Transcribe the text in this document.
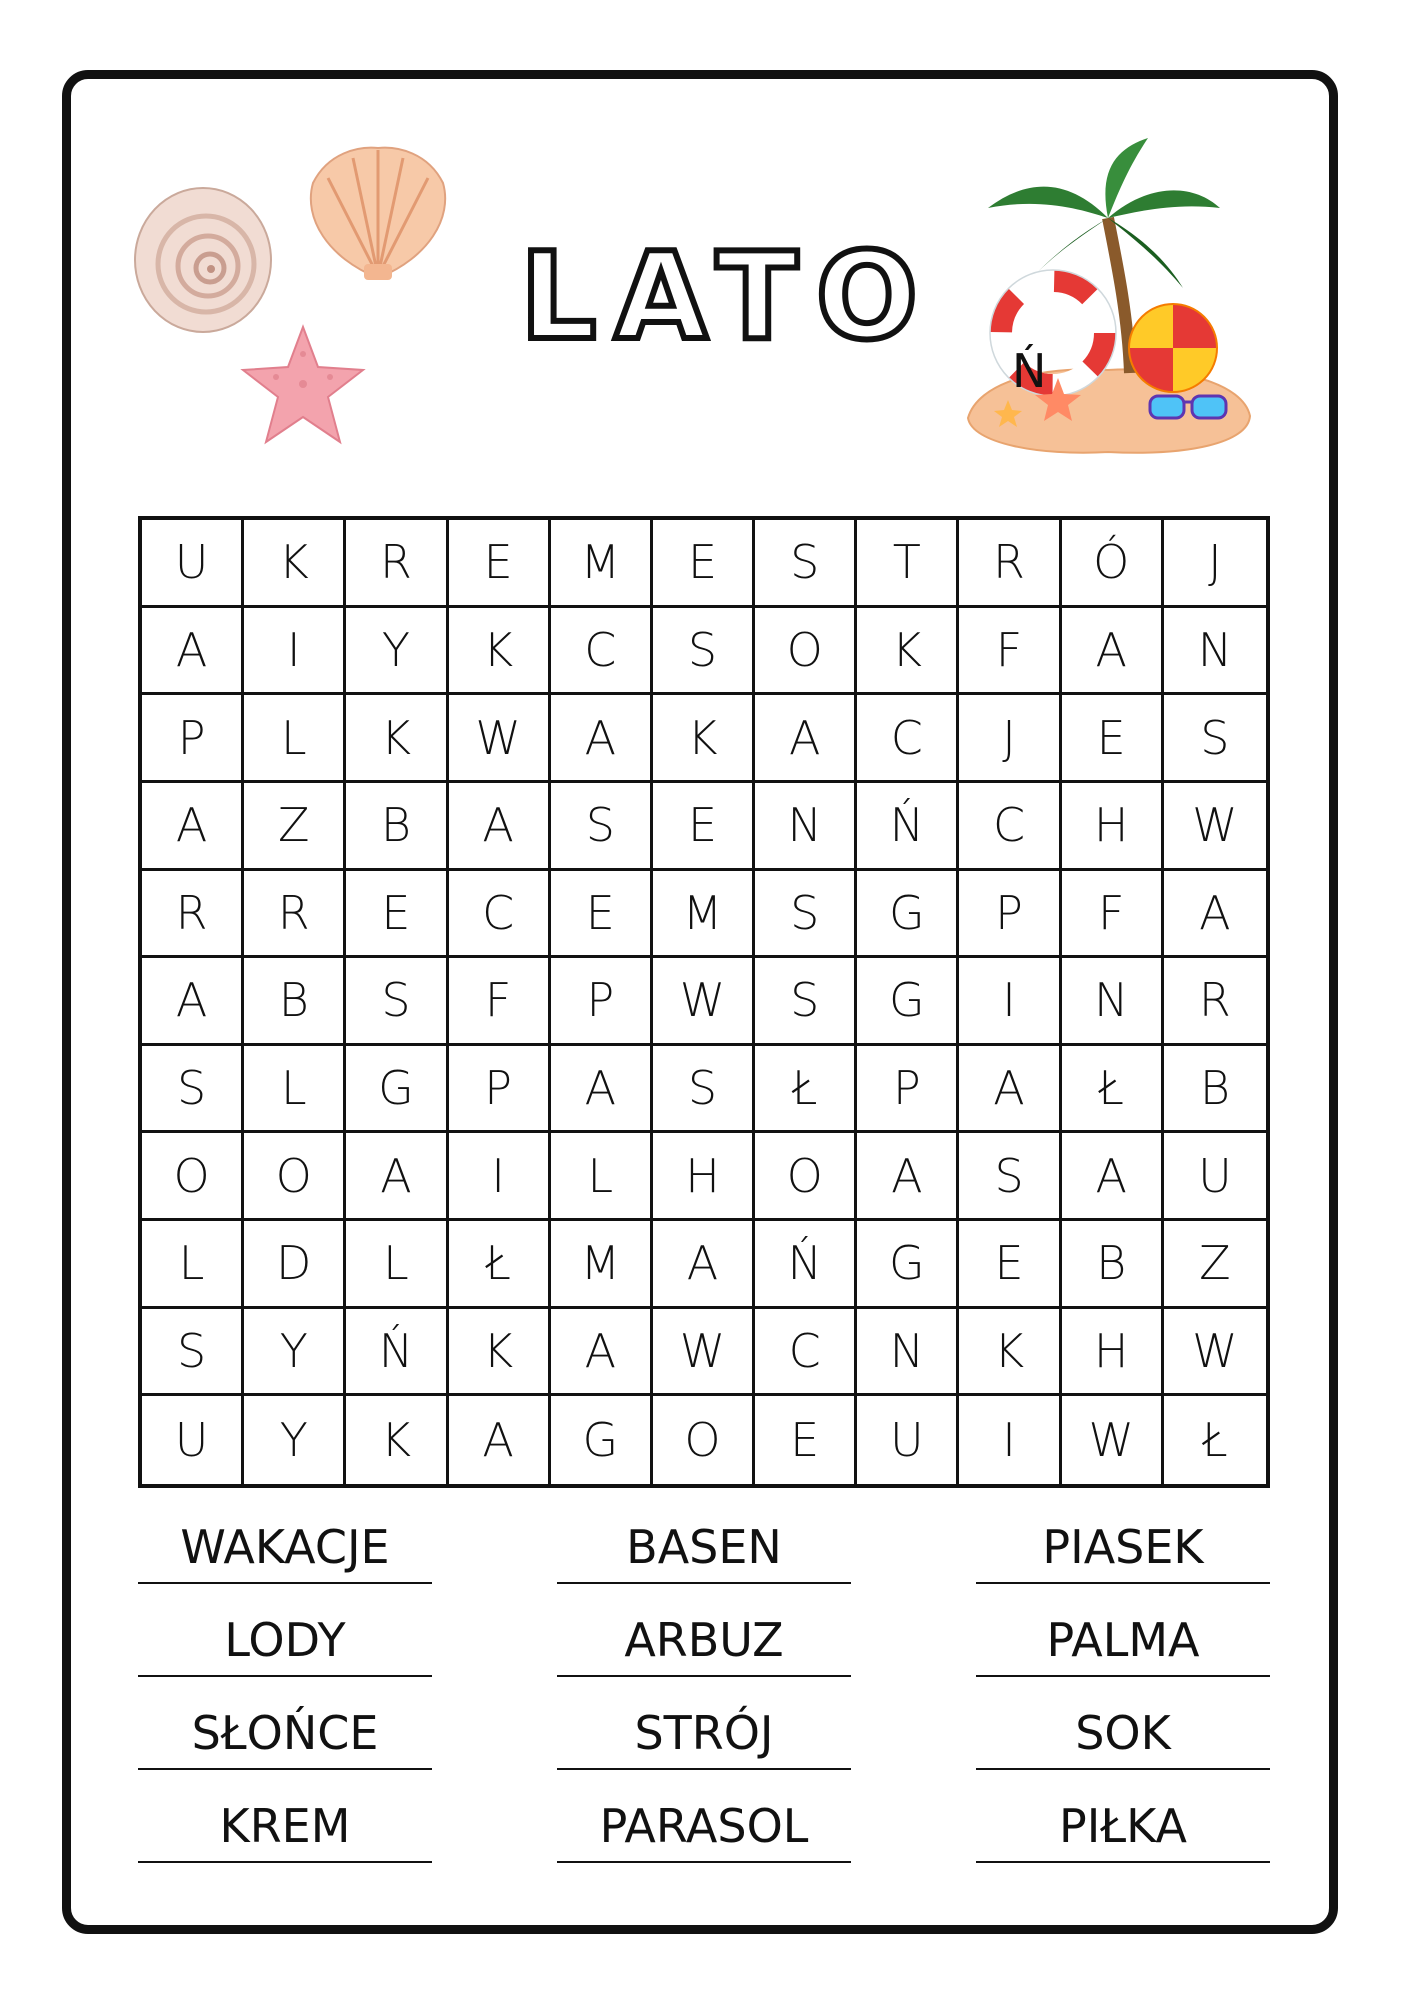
LATO
Ń
U	K	R	E	M	E	S	T	R	Ó	J
A	I	Y	K	C	S	O	K	F	A	N
P	L	K	W	A	K	A	C	J	E	S
A	Z	B	A	S	E	N	Ń	C	H	W
R	R	E	C	E	M	S	G	P	F	A
A	B	S	F	P	W	S	G	I	N	R
S	L	G	P	A	S	Ł	P	A	Ł	B
O	O	A	I	L	H	O	A	S	A	U
L	D	L	Ł	M	A	Ń	G	E	B	Z
S	Y	Ń	K	A	W	C	N	K	H	W
U	Y	K	A	G	O	E	U	I	W	Ł
WAKACJE	BASEN	PIASEK
LODY	ARBUZ	PALMA
SŁOŃCE	STRÓJ	SOK
KREM	PARASOL	PIŁKA
